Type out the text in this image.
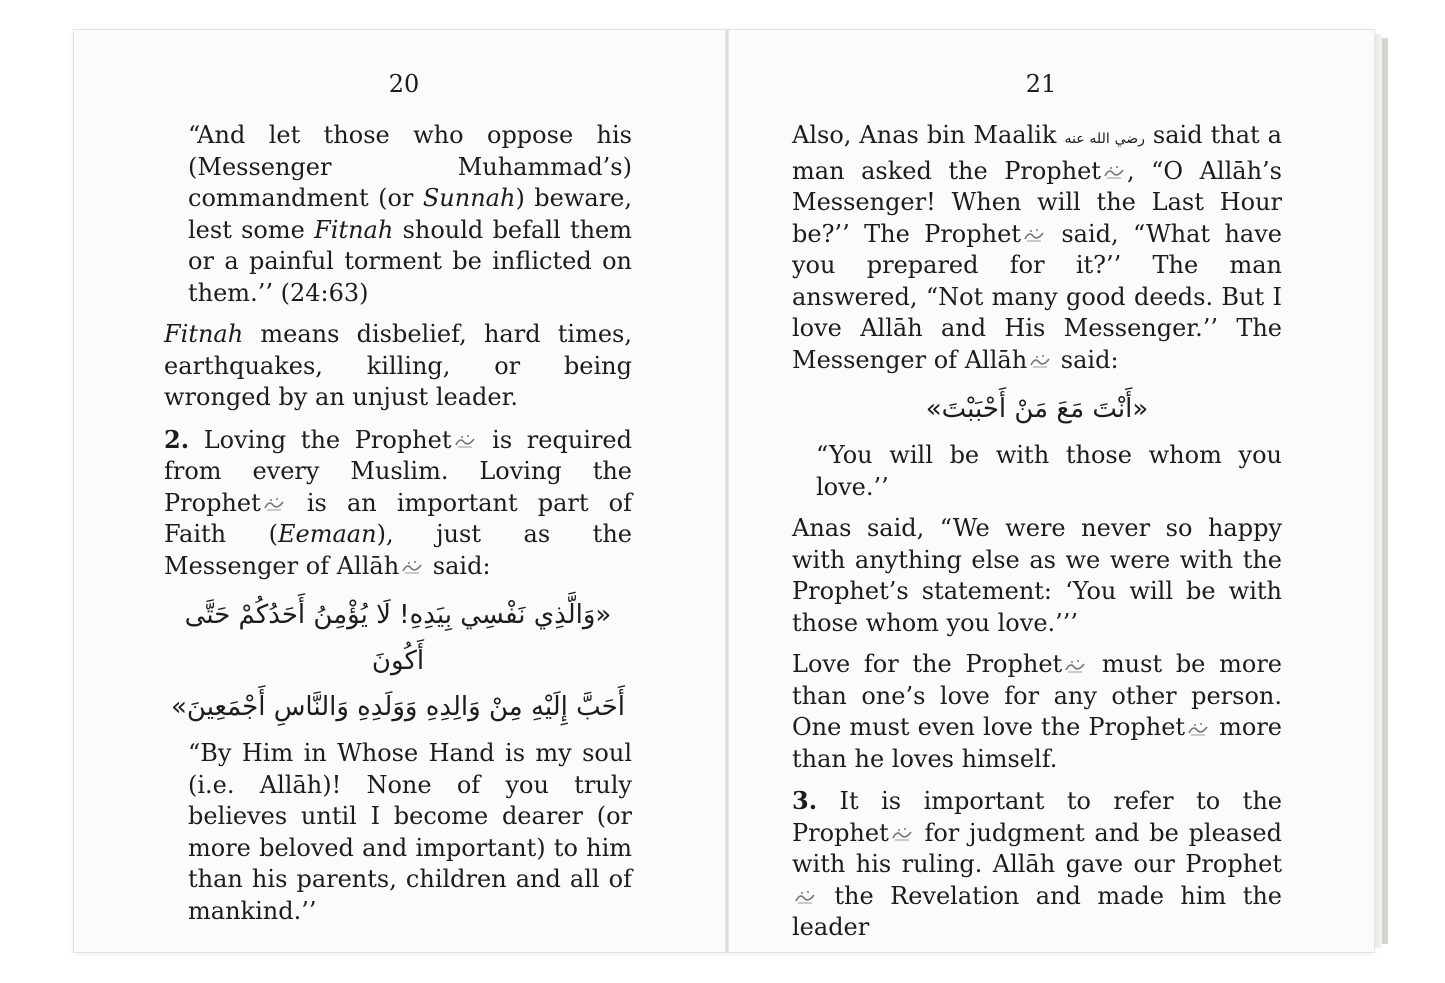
20

“And let those who oppose his (Messenger Muhammad’s) commandment (or Sunnah) beware, lest some Fitnah should befall them or a painful torment be inflicted on them.’’ (24:63)

Fitnah means disbelief, hard times, earthquakes, killing, or being wronged by an unjust leader.

2. Loving the Prophet
is required from every Muslim. Loving the Prophet
is an important part of Faith (Eemaan), just as the Messenger of Allāh
said:

«وَالَّذِي نَفْسِي بِيَدِهِ! لَا يُؤْمِنُ أَحَدُكُمْ حَتَّى أَكُونَ
أَحَبَّ إِلَيْهِ مِنْ وَالِدِهِ وَوَلَدِهِ وَالنَّاسِ أَجْمَعِينَ»

“By Him in Whose Hand is my soul (i.e. Allāh)! None of you truly believes until I become dearer (or more beloved and important) to him than his parents, children and all of mankind.’’

21

Also, Anas bin Maalik رضي الله عنه said that a man asked the Prophet , “O Allāh’s Messenger! When will the Last Hour be?’’ The Prophet
said, “What have you prepared for it?’’ The man answered, “Not many good deeds. But I love Allāh and His Messenger.’’ The Messenger of Allāh
said:

«أَنْتَ مَعَ مَنْ أَحْبَبْتَ»

“You will be with those whom you love.’’

Anas said, “We were never so happy with anything else as we were with the Prophet’s statement: ‘You will be with those whom you love.’’’

Love for the Prophet
must be more than one’s love for any other person. One must even love the Prophet
more than he loves himself.

3. It is important to refer to the Prophet
for judgment and be pleased with his ruling. Allāh gave our Prophet
the Revelation and made him the leader
